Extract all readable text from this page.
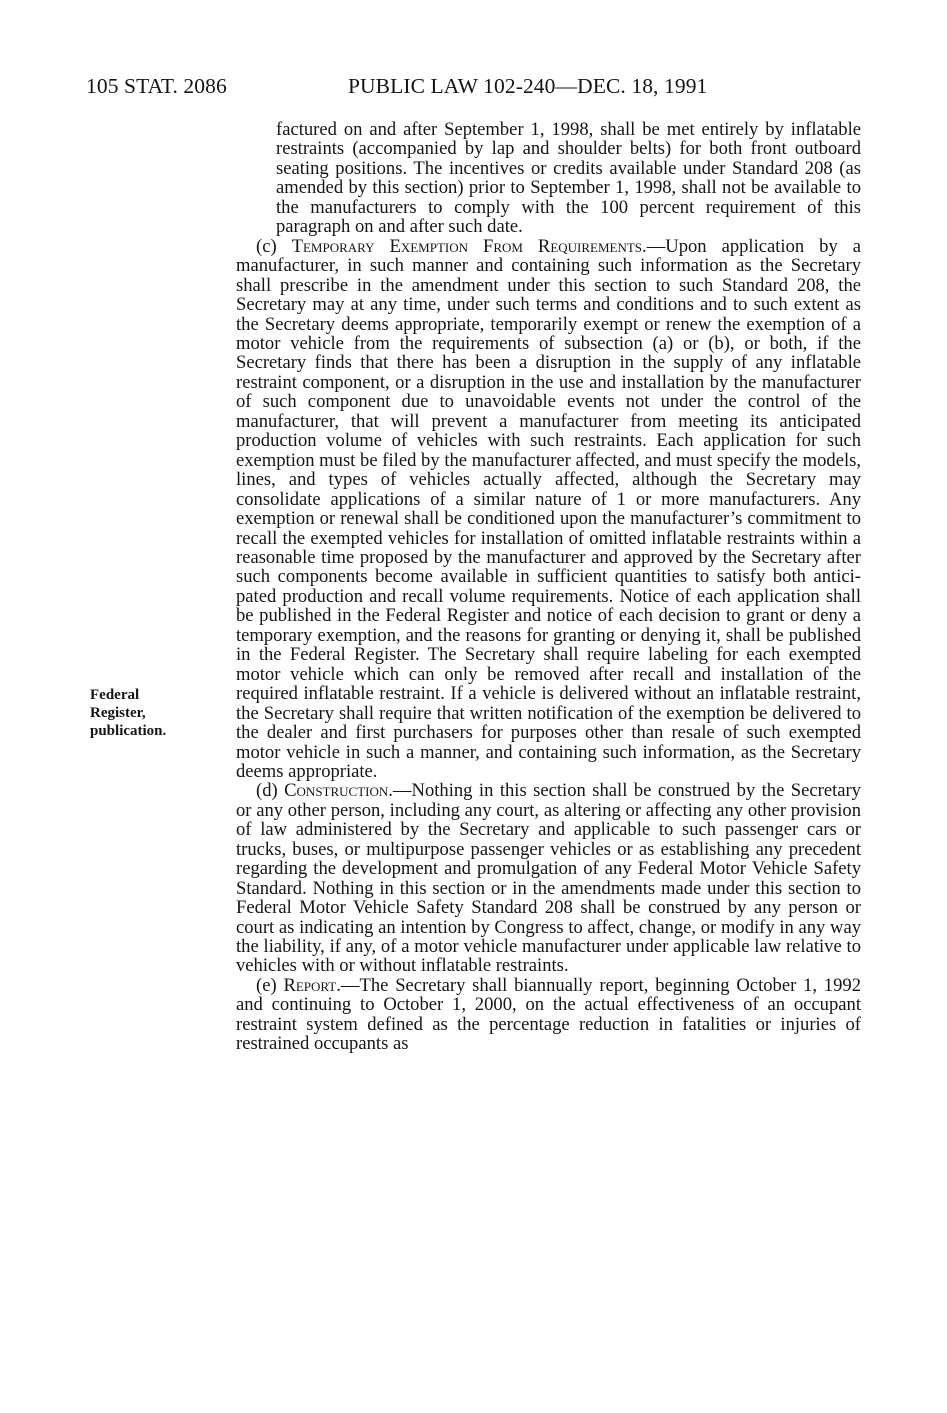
105 STAT. 2086	PUBLIC LAW 102-240—DEC. 18, 1991
Federal
Register,
publication.

factured on and after September 1, 1998, shall be met entirely by inflatable restraints (accompanied by lap and shoulder belts) for both front outboard seating positions. The incentives or credits available under Standard 208 (as amended by this section) prior to September 1, 1998, shall not be available to the manufacturers to comply with the 100 percent requirement of this paragraph on and after such date.

(c) Temporary Exemption From Requirements.—Upon application by a manufacturer, in such manner and containing such information as the Secretary shall prescribe in the amendment under this section to such Standard 208, the Secretary may at any time, under such terms and conditions and to such extent as the Secretary deems appropriate, temporarily exempt or renew the exemption of a motor vehicle from the requirements of subsection (a) or (b), or both, if the Secretary finds that there has been a disruption in the supply of any inflatable restraint component, or a disruption in the use and installation by the manufacturer of such component due to unavoidable events not under the control of the manufacturer, that will prevent a manufacturer from meeting its anticipated production volume of vehicles with such restraints. Each application for such exemption must be filed by the manufacturer affected, and must specify the models, lines, and types of vehicles actually affected, although the Secretary may consolidate applications of a similar nature of 1 or more manufacturers. Any exemption or renewal shall be conditioned upon the manufacturer’s commitment to recall the exempted vehicles for installation of omitted inflatable restraints within a reasonable time proposed by the manufacturer and approved by the Secretary after such components become available in sufficient quantities to satisfy both anticipated production and recall volume requirements. Notice of each application shall be published in the Federal Register and notice of each decision to grant or deny a temporary exemption, and the reasons for granting or denying it, shall be published in the Federal Register. The Secretary shall require labeling for each exempted motor vehicle which can only be removed after recall and installation of the required inflatable restraint. If a vehicle is delivered without an inflatable restraint, the Secretary shall require that written notification of the exemption be delivered to the dealer and first purchasers for purposes other than resale of such exempted motor vehicle in such a manner, and containing such information, as the Secretary deems appropriate.

(d) Construction.—Nothing in this section shall be construed by the Secretary or any other person, including any court, as altering or affecting any other provision of law administered by the Secretary and applicable to such passenger cars or trucks, buses, or multipurpose passenger vehicles or as establishing any precedent regarding the development and promulgation of any Federal Motor Vehicle Safety Standard. Nothing in this section or in the amendments made under this section to Federal Motor Vehicle Safety Standard 208 shall be construed by any person or court as indicating an intention by Congress to affect, change, or modify in any way the liability, if any, of a motor vehicle manufacturer under applicable law relative to vehicles with or without inflatable restraints.

(e) Report.—The Secretary shall biannually report, beginning October 1, 1992 and continuing to October 1, 2000, on the actual effectiveness of an occupant restraint system defined as the percentage reduction in fatalities or injuries of restrained occupants as
